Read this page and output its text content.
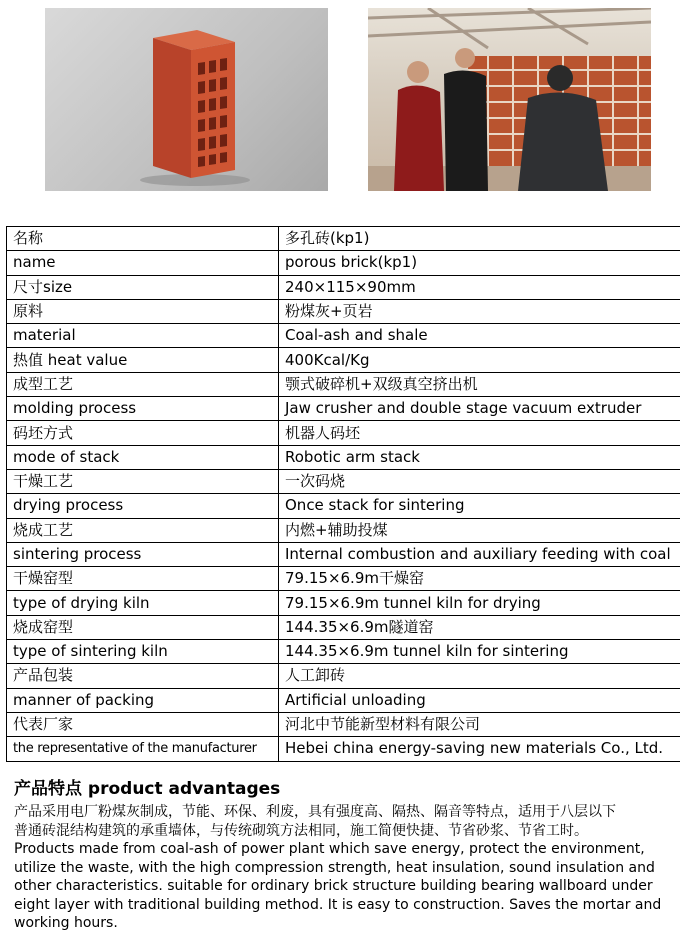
名称	多孔砖(kp1)
name	porous brick(kp1)
尺寸size	240×115×90mm
原料	粉煤灰+页岩
material	Coal-ash and shale
热值 heat value	400Kcal/Kg
成型工艺	颚式破碎机+双级真空挤出机
molding process	Jaw crusher and double stage vacuum extruder
码坯方式	机器人码坯
mode of stack	Robotic arm stack
干燥工艺	一次码烧
drying process	Once stack for sintering
烧成工艺	内燃+辅助投煤
sintering process	Internal combustion and auxiliary feeding with coal
干燥窑型	79.15×6.9m干燥窑
type of drying kiln	79.15×6.9m tunnel kiln for drying
烧成窑型	144.35×6.9m隧道窑
type of sintering kiln	144.35×6.9m tunnel kiln for sintering
产品包装	人工卸砖
manner of packing	Artificial unloading
代表厂家	河北中节能新型材料有限公司
the representative of the manufacturer	Hebei china energy-saving new materials Co., Ltd.
产品特点 product advantages

产品采用电厂粉煤灰制成，节能、环保、利废，具有强度高、隔热、隔音等特点，适用于八层以下

普通砖混结构建筑的承重墙体，与传统砌筑方法相同，施工简便快捷、节省砂浆、节省工时。

Products made from coal-ash of power plant which save energy, protect the environment,

utilize the waste, with the high compression strength, heat insulation, sound insulation and

other characteristics. suitable for ordinary brick structure building bearing wallboard under

eight layer with traditional building method. It is easy to construction. Saves the mortar and

working hours.
